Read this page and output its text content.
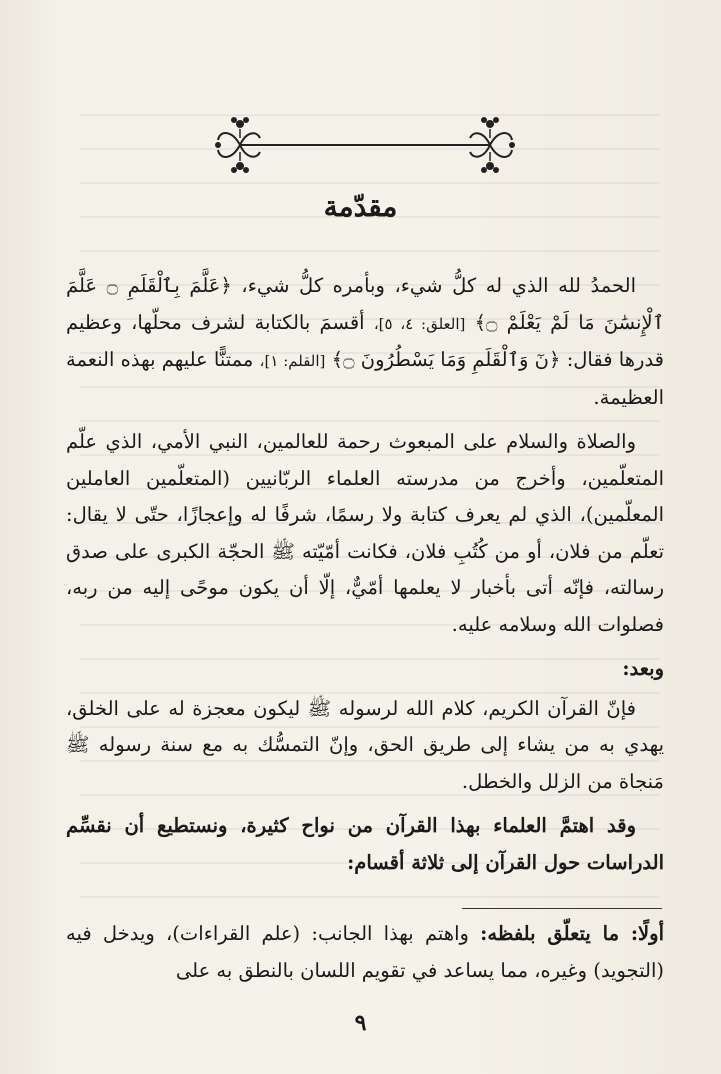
مقدّمة

الحمدُ لله الذي له كلُّ شيء، وبأمره كلُّ شيء، ﴿عَلَّمَ بِٱلْقَلَمِ ۝ عَلَّمَ ٱلْإِنسَٰنَ مَا لَمْ يَعْلَمْ ۝﴾ [العلق: ٤، ٥]، أقسمَ بالكتابة لشرف محلّها، وعظيم قدرها فقال: ﴿نٓ وَٱلْقَلَمِ وَمَا يَسْطُرُونَ ۝﴾ [القلم: ١]، ممتنًّا عليهم بهذه النعمة العظيمة.

والصلاة والسلام على المبعوث رحمة للعالمين، النبي الأمي، الذي علّم المتعلّمين، وأخرج من مدرسته العلماء الربّانيين (المتعلّمين العاملين المعلّمين)، الذي لم يعرف كتابة ولا رسمًا، شرفًا له وإعجازًا، حتّى لا يقال: تعلّم من فلان، أو من كُتُبِ فلان، فكانت أمّيّته ﷺ الحجّة الكبرى على صدق رسالته، فإنّه أتى بأخبار لا يعلمها أمّيٌّ، إلّا أن يكون موحًى إليه من ربه، فصلوات الله وسلامه عليه.

وبعد:

فإنّ القرآن الكريم، كلام الله لرسوله ﷺ ليكون معجزة له على الخلق، يهدي به من يشاء إلى طريق الحق، وإنّ التمسُّك به مع سنة رسوله ﷺ مَنجاة من الزلل والخطل.

وقد اهتمَّ العلماء بهذا القرآن من نواح كثيرة، ونستطيع أن نقسِّم الدراسات حول القرآن إلى ثلاثة أقسام:

أولًا: ما يتعلّق بلفظه: واهتم بهذا الجانب: (علم القراءات)، ويدخل فيه (التجويد) وغيره، مما يساعد في تقويم اللسان بالنطق به على

٩
